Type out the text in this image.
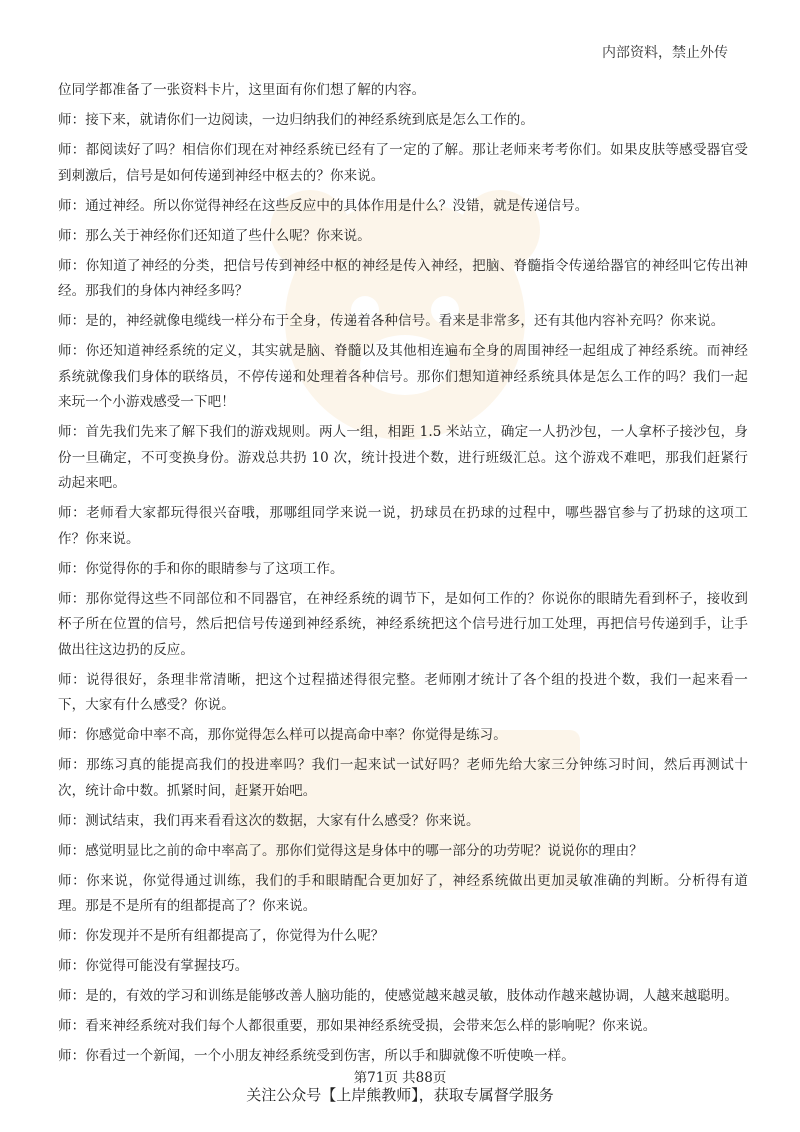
内部资料，禁止外传

位同学都准备了一张资料卡片，这里面有你们想了解的内容。

师：接下来，就请你们一边阅读，一边归纳我们的神经系统到底是怎么工作的。

师：都阅读好了吗？相信你们现在对神经系统已经有了一定的了解。那让老师来考考你们。如果皮肤等感受器官受到刺激后，信号是如何传递到神经中枢去的？你来说。

师：通过神经。所以你觉得神经在这些反应中的具体作用是什么？没错，就是传递信号。

师：那么关于神经你们还知道了些什么呢？你来说。

师：你知道了神经的分类，把信号传到神经中枢的神经是传入神经，把脑、脊髓指令传递给器官的神经叫它传出神经。那我们的身体内神经多吗？

师：是的，神经就像电缆线一样分布于全身，传递着各种信号。看来是非常多，还有其他内容补充吗？你来说。

师：你还知道神经系统的定义，其实就是脑、脊髓以及其他相连遍布全身的周围神经一起组成了神经系统。而神经系统就像我们身体的联络员，不停传递和处理着各种信号。那你们想知道神经系统具体是怎么工作的吗？我们一起来玩一个小游戏感受一下吧！

师：首先我们先来了解下我们的游戏规则。两人一组，相距 1.5 米站立，确定一人扔沙包，一人拿杯子接沙包，身份一旦确定，不可变换身份。游戏总共扔 10 次，统计投进个数，进行班级汇总。这个游戏不难吧，那我们赶紧行动起来吧。

师：老师看大家都玩得很兴奋哦，那哪组同学来说一说，扔球员在扔球的过程中，哪些器官参与了扔球的这项工作？你来说。

师：你觉得你的手和你的眼睛参与了这项工作。

师：那你觉得这些不同部位和不同器官，在神经系统的调节下，是如何工作的？你说你的眼睛先看到杯子，接收到杯子所在位置的信号，然后把信号传递到神经系统，神经系统把这个信号进行加工处理，再把信号传递到手，让手做出往这边扔的反应。

师：说得很好，条理非常清晰，把这个过程描述得很完整。老师刚才统计了各个组的投进个数，我们一起来看一下，大家有什么感受？你说。

师：你感觉命中率不高，那你觉得怎么样可以提高命中率？你觉得是练习。

师：那练习真的能提高我们的投进率吗？我们一起来试一试好吗？老师先给大家三分钟练习时间，然后再测试十次，统计命中数。抓紧时间，赶紧开始吧。

师：测试结束，我们再来看看这次的数据，大家有什么感受？你来说。

师：感觉明显比之前的命中率高了。那你们觉得这是身体中的哪一部分的功劳呢？说说你的理由？

师：你来说，你觉得通过训练，我们的手和眼睛配合更加好了，神经系统做出更加灵敏准确的判断。分析得有道理。那是不是所有的组都提高了？你来说。

师：你发现并不是所有组都提高了，你觉得为什么呢？

师：你觉得可能没有掌握技巧。

师：是的，有效的学习和训练是能够改善人脑功能的，使感觉越来越灵敏，肢体动作越来越协调，人越来越聪明。

师：看来神经系统对我们每个人都很重要，那如果神经系统受损，会带来怎么样的影响呢？你来说。

师：你看过一个新闻，一个小朋友神经系统受到伤害，所以手和脚就像不听使唤一样。

第71页 共88页
关注公众号【上岸熊教师】，获取专属督学服务
